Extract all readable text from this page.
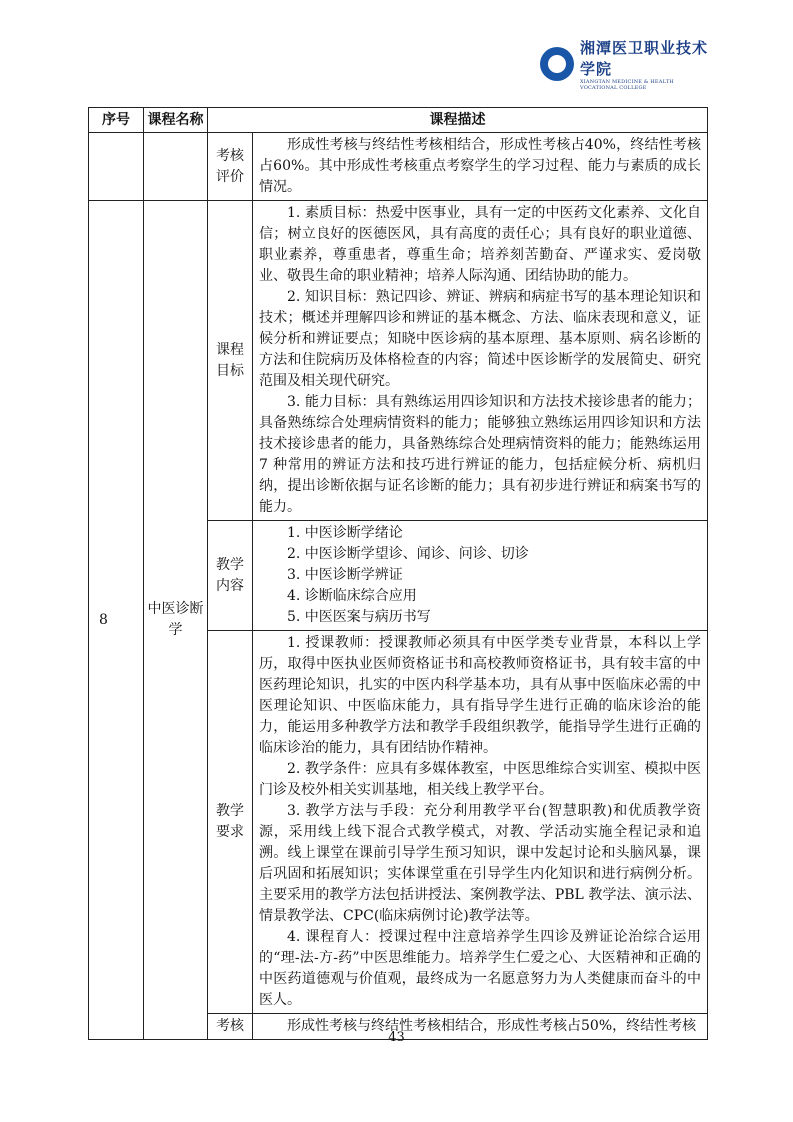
湘潭医卫职业技术学院
XIANGTAN MEDICINE & HEALTH VOCATIONAL COLLEGE
序号	课程名称	课程描述	
		考核评价	形成性考核与终结性考核相结合，形成性考核占40%，终结性考核占60%。其中形成性考核重点考察学生的学习过程、能力与素质的成长情况。

8	中医诊断学	课程目标	1. 素质目标：热爱中医事业，具有一定的中医药文化素养、文化自信；树立良好的医德医风，具有高度的责任心；具有良好的职业道德、职业素养，尊重患者，尊重生命；培养刻苦勤奋、严谨求实、爱岗敬业、敬畏生命的职业精神；培养人际沟通、团结协助的能力。

2. 知识目标：熟记四诊、辨证、辨病和病症书写的基本理论知识和技术；概述并理解四诊和辨证的基本概念、方法、临床表现和意义，证候分析和辨证要点；知晓中医诊病的基本原理、基本原则、病名诊断的方法和住院病历及体格检查的内容；简述中医诊断学的发展简史、研究范围及相关现代研究。

3. 能力目标：具有熟练运用四诊知识和方法技术接诊患者的能力；具备熟练综合处理病情资料的能力；能够独立熟练运用四诊知识和方法技术接诊患者的能力，具备熟练综合处理病情资料的能力；能熟练运用 7 种常用的辨证方法和技巧进行辨证的能力，包括症候分析、病机归纳，提出诊断依据与证名诊断的能力；具有初步进行辨证和病案书写的能力。

		教学内容	1. 中医诊断学绪论
2. 中医诊断学望诊、闻诊、问诊、切诊
3. 中医诊断学辨证
4. 诊断临床综合应用
5. 中医医案与病历书写

		教学要求	1. 授课教师：授课教师必须具有中医学类专业背景，本科以上学历，取得中医执业医师资格证书和高校教师资格证书，具有较丰富的中医药理论知识，扎实的中医内科学基本功，具有从事中医临床必需的中医理论知识、中医临床能力，具有指导学生进行正确的临床诊治的能力，能运用多种教学方法和教学手段组织教学，能指导学生进行正确的临床诊治的能力，具有团结协作精神。

2. 教学条件：应具有多媒体教室，中医思维综合实训室、模拟中医门诊及校外相关实训基地，相关线上教学平台。

3. 教学方法与手段：充分利用教学平台(智慧职教)和优质教学资源，采用线上线下混合式教学模式，对教、学活动实施全程记录和追溯。线上课堂在课前引导学生预习知识，课中发起讨论和头脑风暴，课后巩固和拓展知识；实体课堂重在引导学生内化知识和进行病例分析。主要采用的教学方法包括讲授法、案例教学法、PBL 教学法、演示法、情景教学法、CPC(临床病例讨论)教学法等。

4. 课程育人：授课过程中注意培养学生四诊及辨证论治综合运用的“理-法-方-药”中医思维能力。培养学生仁爱之心、大医精神和正确的中医药道德观与价值观，最终成为一名愿意努力为人类健康而奋斗的中医人。

		考核	形成性考核与终结性考核相结合，形成性考核占50%，终结性考核

43
